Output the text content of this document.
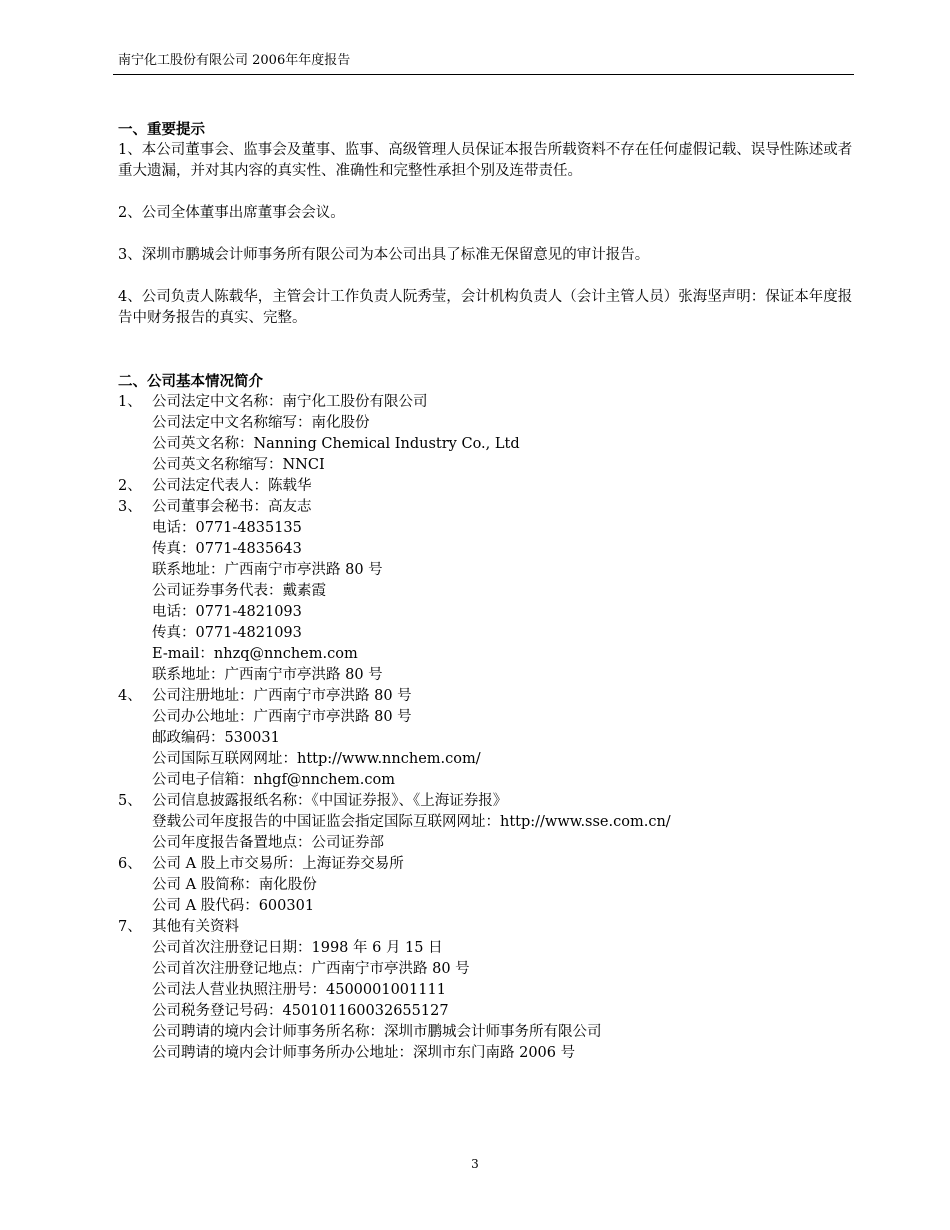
南宁化工股份有限公司 2006年年度报告
一、重要提示
1、本公司董事会、监事会及董事、监事、高级管理人员保证本报告所载资料不存在任何虚假记载、误导性陈述或者重大遗漏，并对其内容的真实性、准确性和完整性承担个别及连带责任。
2、公司全体董事出席董事会会议。
3、深圳市鹏城会计师事务所有限公司为本公司出具了标准无保留意见的审计报告。
4、公司负责人陈载华，主管会计工作负责人阮秀莹，会计机构负责人（会计主管人员）张海坚声明：保证本年度报告中财务报告的真实、完整。
二、公司基本情况简介
1、 公司法定中文名称：南宁化工股份有限公司
公司法定中文名称缩写：南化股份
公司英文名称：Nanning Chemical Industry Co., Ltd
公司英文名称缩写：NNCI
2、 公司法定代表人：陈载华
3、 公司董事会秘书：高友志
电话：0771-4835135
传真：0771-4835643
联系地址：广西南宁市亭洪路 80 号
公司证券事务代表：戴素霞
电话：0771-4821093
传真：0771-4821093
E-mail：nhzq@nnchem.com
联系地址：广西南宁市亭洪路 80 号
4、 公司注册地址：广西南宁市亭洪路 80 号
公司办公地址：广西南宁市亭洪路 80 号
邮政编码：530031
公司国际互联网网址：http://www.nnchem.com/
公司电子信箱：nhgf@nnchem.com
5、 公司信息披露报纸名称：《中国证券报》、《上海证券报》
登载公司年度报告的中国证监会指定国际互联网网址：http://www.sse.com.cn/
公司年度报告备置地点：公司证券部
6、 公司 A 股上市交易所：上海证券交易所
公司 A 股简称：南化股份
公司 A 股代码：600301
7、 其他有关资料
公司首次注册登记日期：1998 年 6 月 15 日
公司首次注册登记地点：广西南宁市亭洪路 80 号
公司法人营业执照注册号：4500001001111
公司税务登记号码：450101160032655127
公司聘请的境内会计师事务所名称：深圳市鹏城会计师事务所有限公司
公司聘请的境内会计师事务所办公地址：深圳市东门南路 2006 号
3
